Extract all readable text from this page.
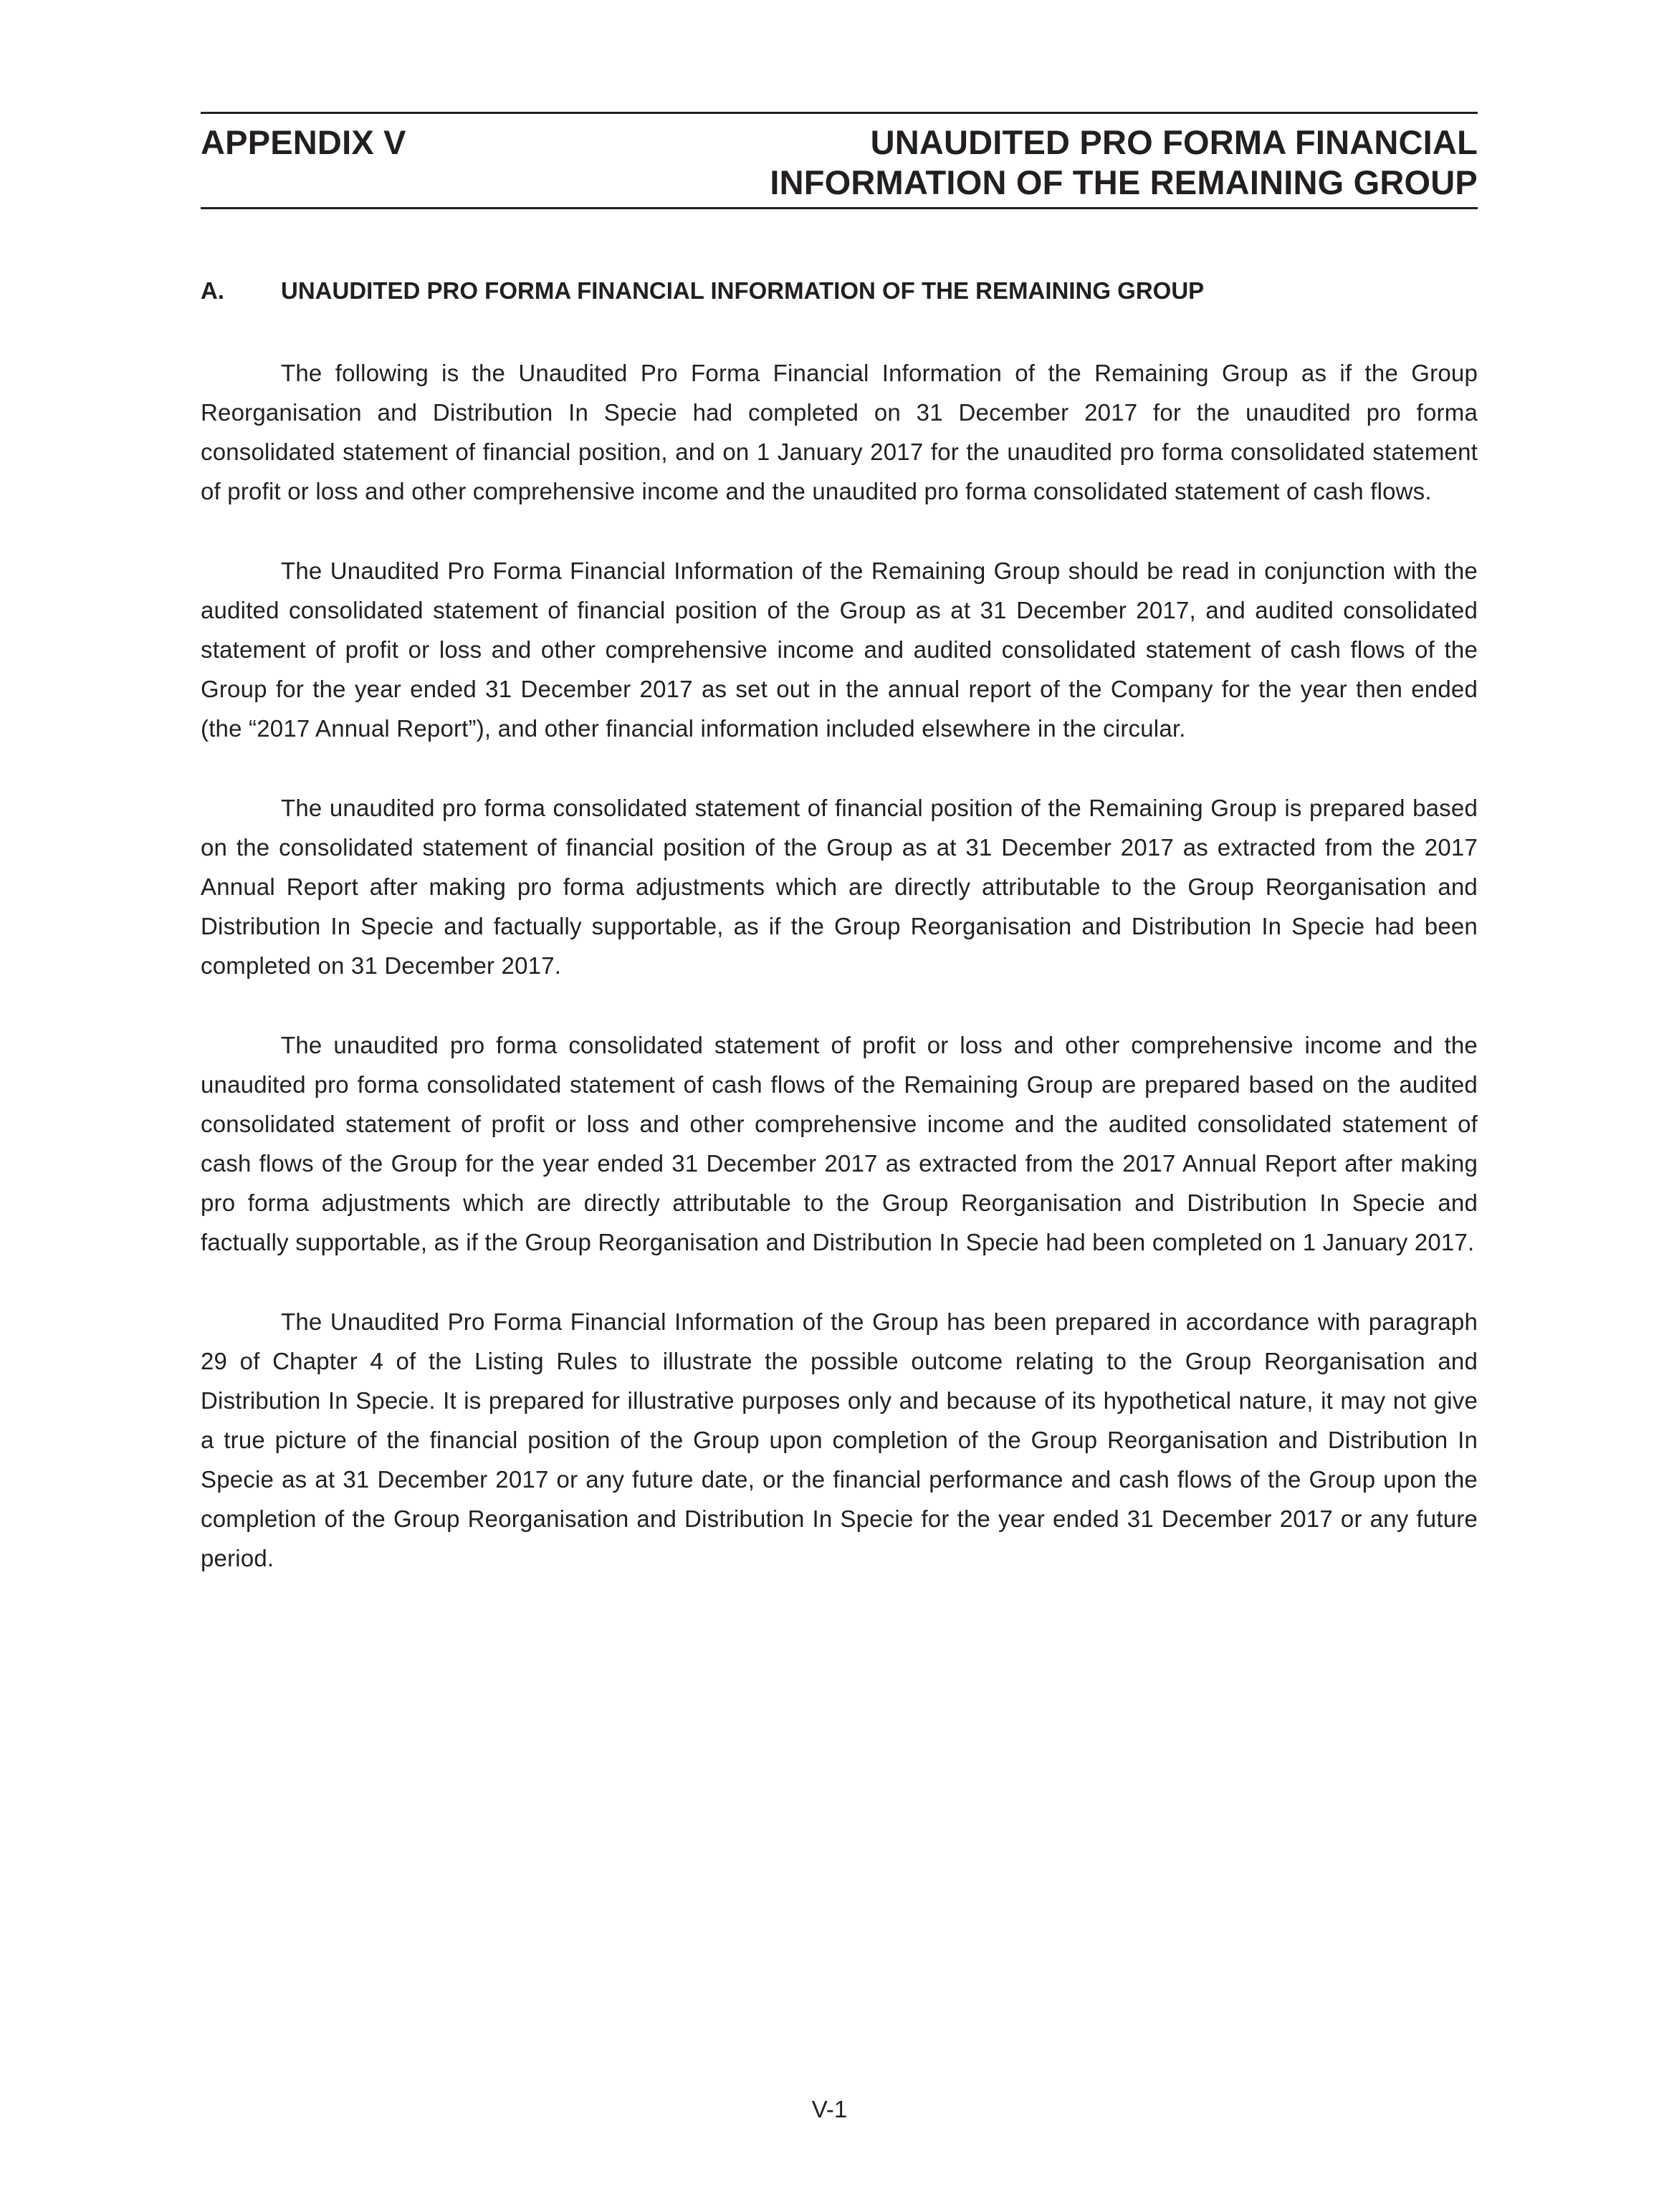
APPENDIX V	UNAUDITED PRO FORMA FINANCIAL
INFORMATION OF THE REMAINING GROUP
A. UNAUDITED PRO FORMA FINANCIAL INFORMATION OF THE REMAINING GROUP

The following is the Unaudited Pro Forma Financial Information of the Remaining Group as if the Group Reorganisation and Distribution In Specie had completed on 31 December 2017 for the unaudited pro forma consolidated statement of financial position, and on 1 January 2017 for the unaudited pro forma consolidated statement of profit or loss and other comprehensive income and the unaudited pro forma consolidated statement of cash flows.

The Unaudited Pro Forma Financial Information of the Remaining Group should be read in conjunction with the audited consolidated statement of financial position of the Group as at 31 December 2017, and audited consolidated statement of profit or loss and other comprehensive income and audited consolidated statement of cash flows of the Group for the year ended 31 December 2017 as set out in the annual report of the Company for the year then ended (the “2017 Annual Report”), and other financial information included elsewhere in the circular.

The unaudited pro forma consolidated statement of financial position of the Remaining Group is prepared based on the consolidated statement of financial position of the Group as at 31 December 2017 as extracted from the 2017 Annual Report after making pro forma adjustments which are directly attributable to the Group Reorganisation and Distribution In Specie and factually supportable, as if the Group Reorganisation and Distribution In Specie had been completed on 31 December 2017.

The unaudited pro forma consolidated statement of profit or loss and other comprehensive income and the unaudited pro forma consolidated statement of cash flows of the Remaining Group are prepared based on the audited consolidated statement of profit or loss and other comprehensive income and the audited consolidated statement of cash flows of the Group for the year ended 31 December 2017 as extracted from the 2017 Annual Report after making pro forma adjustments which are directly attributable to the Group Reorganisation and Distribution In Specie and factually supportable, as if the Group Reorganisation and Distribution In Specie had been completed on 1 January 2017.

The Unaudited Pro Forma Financial Information of the Group has been prepared in accordance with paragraph 29 of Chapter 4 of the Listing Rules to illustrate the possible outcome relating to the Group Reorganisation and Distribution In Specie. It is prepared for illustrative purposes only and because of its hypothetical nature, it may not give a true picture of the financial position of the Group upon completion of the Group Reorganisation and Distribution In Specie as at 31 December 2017 or any future date, or the financial performance and cash flows of the Group upon the completion of the Group Reorganisation and Distribution In Specie for the year ended 31 December 2017 or any future period.

V-1
